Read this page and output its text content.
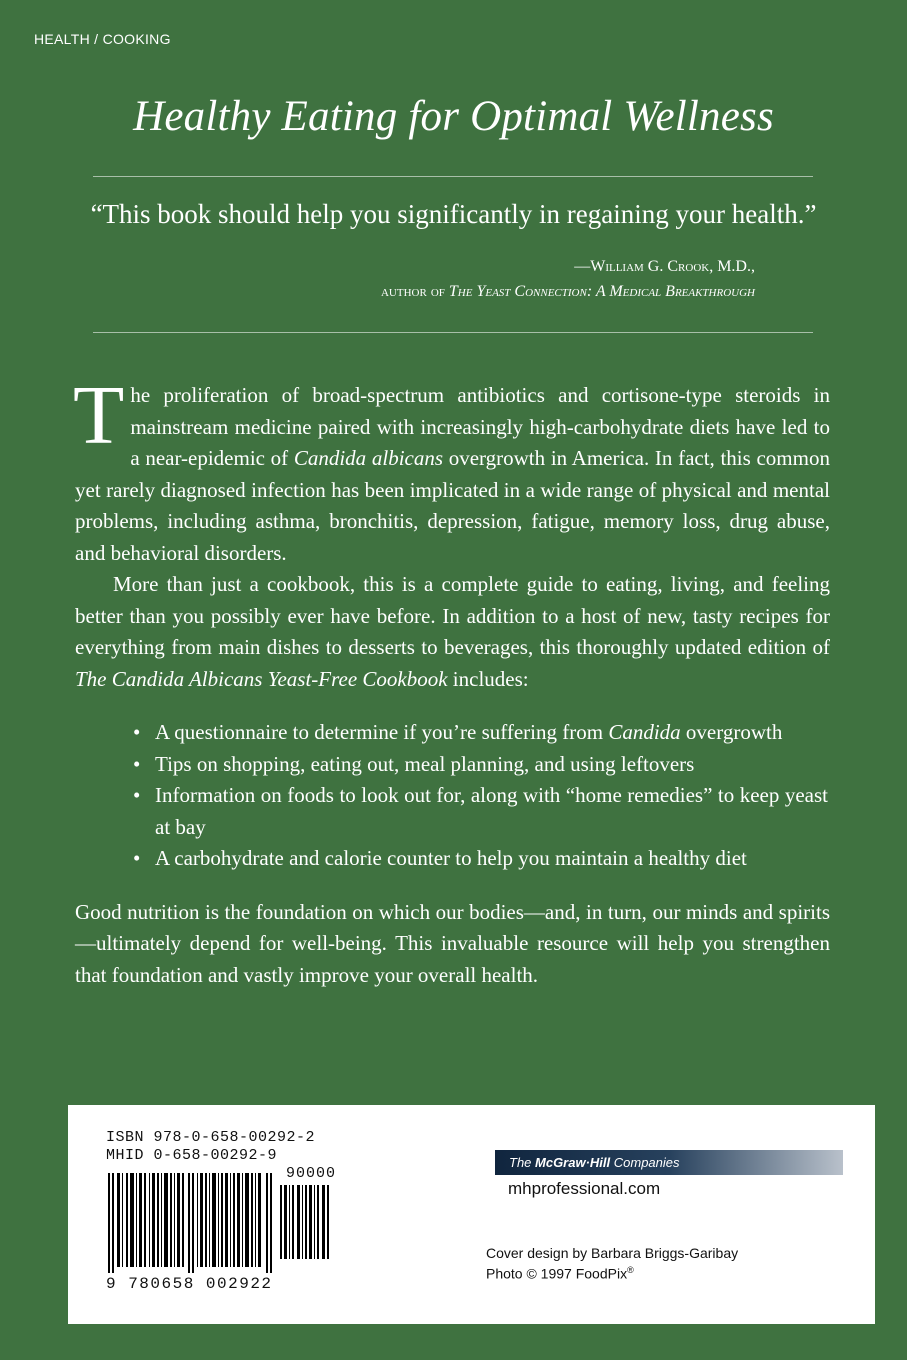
HEALTH / COOKING
Healthy Eating for Optimal Wellness
“This book should help you significantly in regaining your health.”
—William G. Crook, M.D.,
author of The Yeast Connection: A Medical Breakthrough

The proliferation of broad-spectrum antibiotics and cortisone-type steroids in mainstream medicine paired with increasingly high-carbohydrate diets have led to a near-epidemic of Candida albicans overgrowth in America. In fact, this common yet rarely diagnosed infection has been implicated in a wide range of physical and mental problems, including asthma, bronchitis, depression, fatigue, memory loss, drug abuse, and behavioral disorders.

More than just a cookbook, this is a complete guide to eating, living, and feeling better than you possibly ever have before. In addition to a host of new, tasty recipes for everything from main dishes to desserts to beverages, this thoroughly updated edition of The Candida Albicans Yeast-Free Cookbook includes:

• A questionnaire to determine if you’re suffering from Candida overgrowth
• Tips on shopping, eating out, meal planning, and using leftovers
• Information on foods to look out for, along with “home remedies” to keep yeast at bay
• A carbohydrate and calorie counter to help you maintain a healthy diet

Good nutrition is the foundation on which our bodies—and, in turn, our minds and spirits—ultimately depend for well-being. This invaluable resource will help you strengthen that foundation and vastly improve your overall health.

ISBN 978-0-658-00292-2
MHID 0-658-00292-9
90000
9 780658 002922
The McGraw·Hill Companies
mhprofessional.com
Cover design by Barbara Briggs-Garibay
Photo © 1997 FoodPix®
